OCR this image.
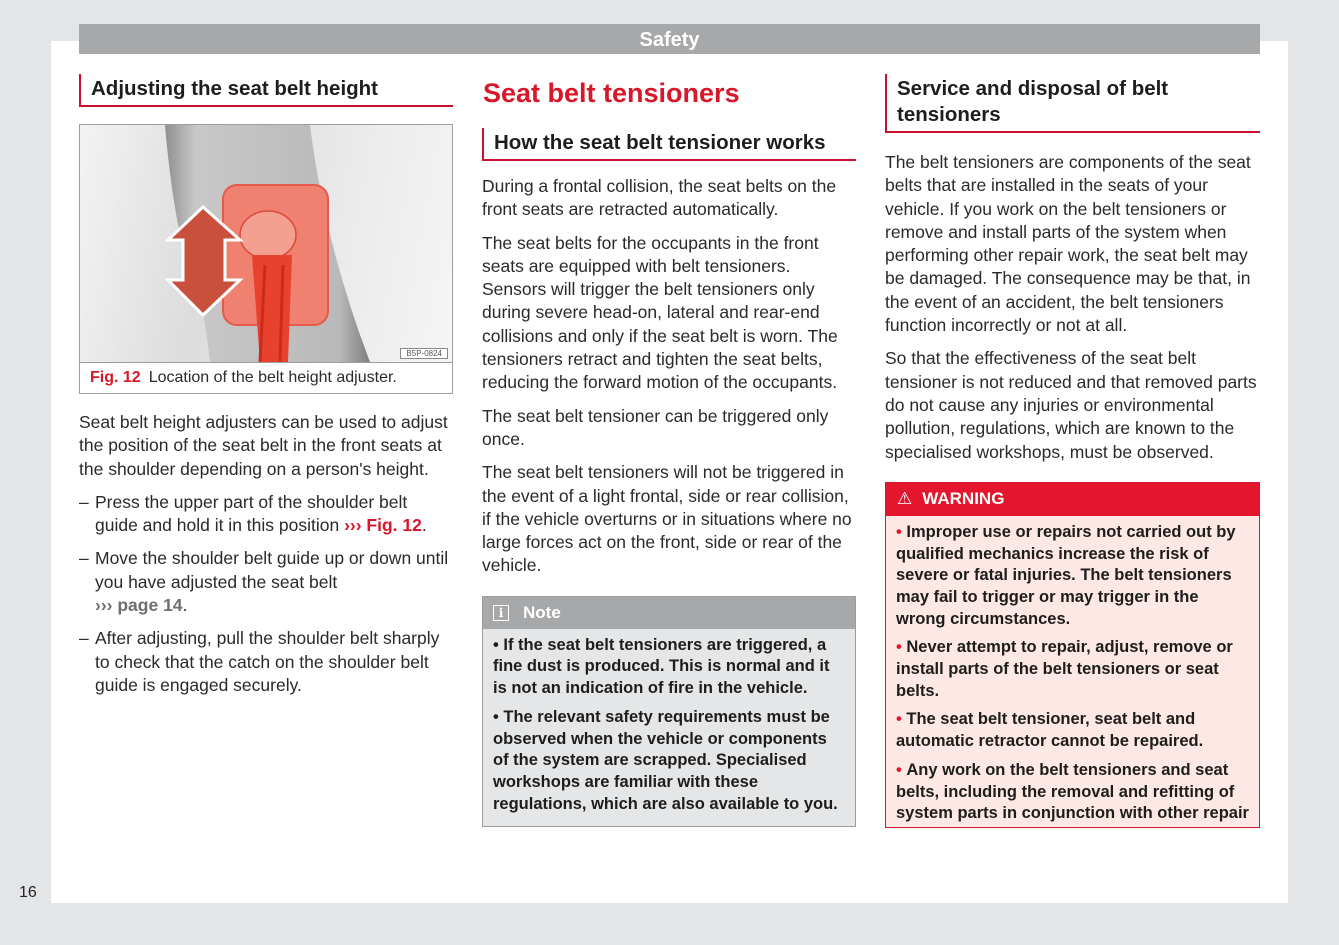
Safety
16
Adjusting the seat belt height
B5P-0824
Fig. 12 Location of the belt height adjuster.

Seat belt height adjusters can be used to adjust the position of the seat belt in the front seats at the shoulder depending on a person's height.

– Press the upper part of the shoulder belt guide and hold it in this position ››› Fig. 12.
– Move the shoulder belt guide up or down until you have adjusted the seat belt
››› page 14.
– After adjusting, pull the shoulder belt sharply to check that the catch on the shoulder belt guide is engaged securely.
Seat belt tensioners
How the seat belt tensioner works

During a frontal collision, the seat belts on the front seats are retracted automatically.

The seat belts for the occupants in the front seats are equipped with belt tensioners. Sensors will trigger the belt tensioners only during severe head-on, lateral and rear-end collisions and only if the seat belt is worn. The tensioners retract and tighten the seat belts, reducing the forward motion of the occupants.

The seat belt tensioner can be triggered only once.

The seat belt tensioners will not be triggered in the event of a light frontal, side or rear collision, if the vehicle overturns or in situations where no large forces act on the front, side or rear of the vehicle.

i	Note
• If the seat belt tensioners are triggered, a fine dust is produced. This is normal and it is not an indication of fire in the vehicle.
• The relevant safety requirements must be observed when the vehicle or components of the system are scrapped. Specialised workshops are familiar with these regulations, which are also available to you.
Service and disposal of belt tensioners

The belt tensioners are components of the seat belts that are installed in the seats of your vehicle. If you work on the belt tensioners or remove and install parts of the system when performing other repair work, the seat belt may be damaged. The consequence may be that, in the event of an accident, the belt tensioners function incorrectly or not at all.

So that the effectiveness of the seat belt tensioner is not reduced and that removed parts do not cause any injuries or environmental pollution, regulations, which are known to the specialised workshops, must be observed.

⚠ WARNING
• Improper use or repairs not carried out by qualified mechanics increase the risk of severe or fatal injuries. The belt tensioners may fail to trigger or may trigger in the wrong circumstances.
• Never attempt to repair, adjust, remove or install parts of the belt tensioners or seat belts.
• The seat belt tensioner, seat belt and automatic retractor cannot be repaired.
• Any work on the belt tensioners and seat belts, including the removal and refitting of system parts in conjunction with other repair
